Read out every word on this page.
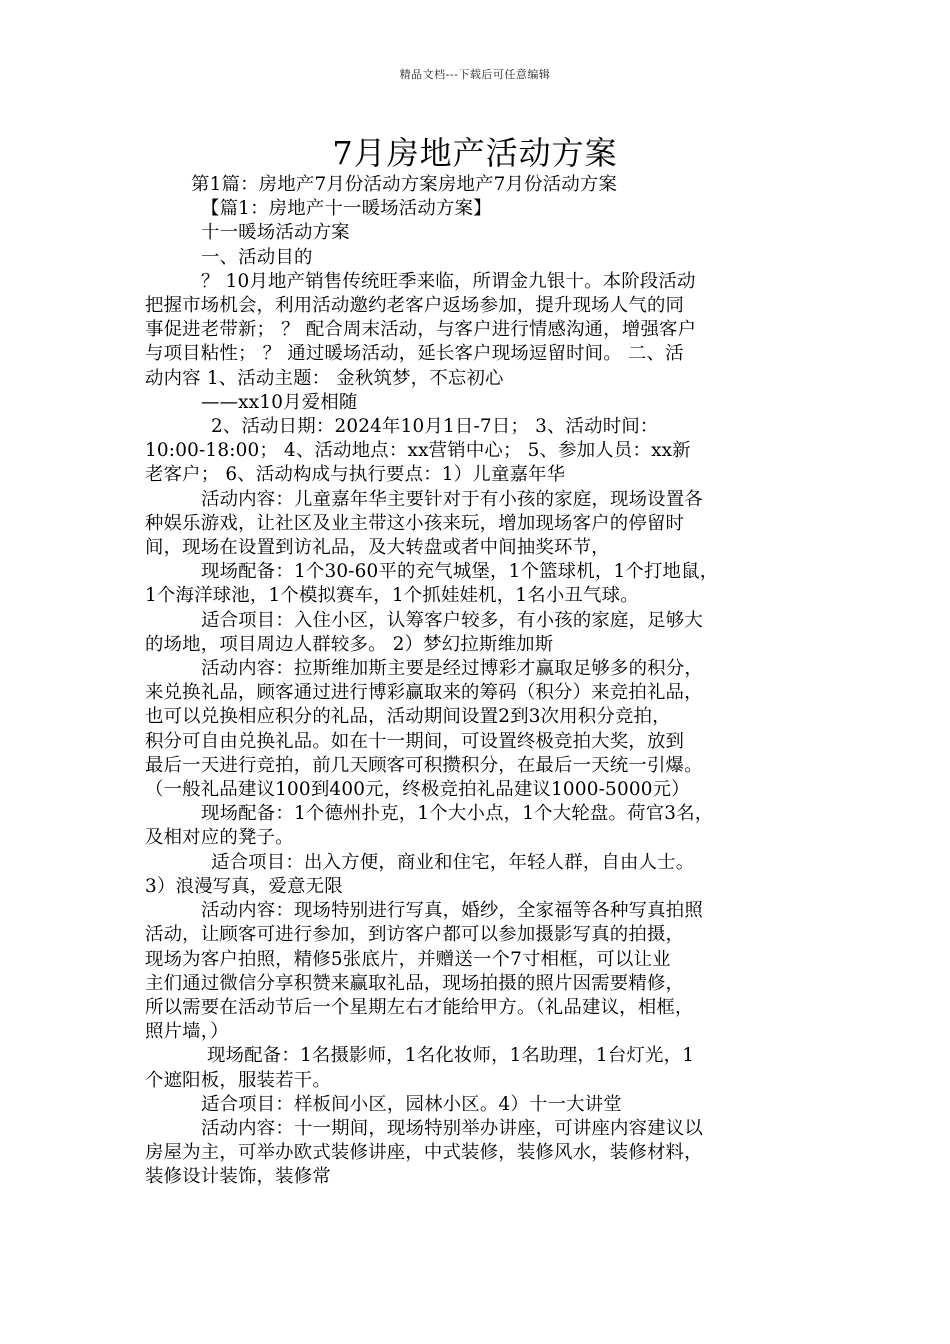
精品文档---下载后可任意编辑
7月房地产活动方案
第1篇：房地产7月份活动方案房地产7月份活动方案
【篇1：房地产十一暖场活动方案】
十一暖场活动方案
一、活动目的
？ 10月地产销售传统旺季来临，所谓金九银十。本阶段活动
把握市场机会，利用活动邀约老客户返场参加，提升现场人气的同
事促进老带新； ？ 配合周末活动，与客户进行情感沟通，增强客户
与项目粘性； ？ 通过暖场活动，延长客户现场逗留时间。 二、活
动内容 1、活动主题： 金秋筑梦，不忘初心
——xx10月爱相随
2、活动日期：2024年10月1日-7日； 3、活动时间：
10:00-18:00； 4、活动地点：xx营销中心； 5、参加人员：xx新
老客户； 6、活动构成与执行要点：1）儿童嘉年华
活动内容：儿童嘉年华主要针对于有小孩的家庭，现场设置各
种娱乐游戏，让社区及业主带这小孩来玩，增加现场客户的停留时
间，现场在设置到访礼品，及大转盘或者中间抽奖环节，
现场配备：1个30-60平的充气城堡，1个篮球机，1个打地鼠，
1个海洋球池，1个模拟赛车，1个抓娃娃机，1名小丑气球。
适合项目：入住小区，认筹客户较多，有小孩的家庭，足够大
的场地，项目周边人群较多。 2）梦幻拉斯维加斯
活动内容：拉斯维加斯主要是经过博彩才赢取足够多的积分，
来兑换礼品，顾客通过进行博彩赢取来的筹码（积分）来竞拍礼品，
也可以兑换相应积分的礼品，活动期间设置2到3次用积分竞拍，
积分可自由兑换礼品。如在十一期间，可设置终极竞拍大奖，放到
最后一天进行竞拍，前几天顾客可积攒积分，在最后一天统一引爆。
（一般礼品建议100到400元，终极竞拍礼品建议1000-5000元）
现场配备：1个德州扑克，1个大小点，1个大轮盘。荷官3名，
及相对应的凳子。
适合项目：出入方便，商业和住宅，年轻人群，自由人士。
3）浪漫写真，爱意无限
活动内容：现场特别进行写真，婚纱，全家福等各种写真拍照
活动，让顾客可进行参加，到访客户都可以参加摄影写真的拍摄，
现场为客户拍照，精修5张底片，并赠送一个7寸相框，可以让业
主们通过微信分享积赞来赢取礼品，现场拍摄的照片因需要精修，
所以需要在活动节后一个星期左右才能给甲方。（礼品建议，相框，
照片墙，）
现场配备：1名摄影师，1名化妆师，1名助理，1台灯光，1
个遮阳板，服装若干。
适合项目：样板间小区，园林小区。4）十一大讲堂
活动内容：十一期间，现场特别举办讲座，可讲座内容建议以
房屋为主，可举办欧式装修讲座，中式装修，装修风水，装修材料，
装修设计装饰，装修常
